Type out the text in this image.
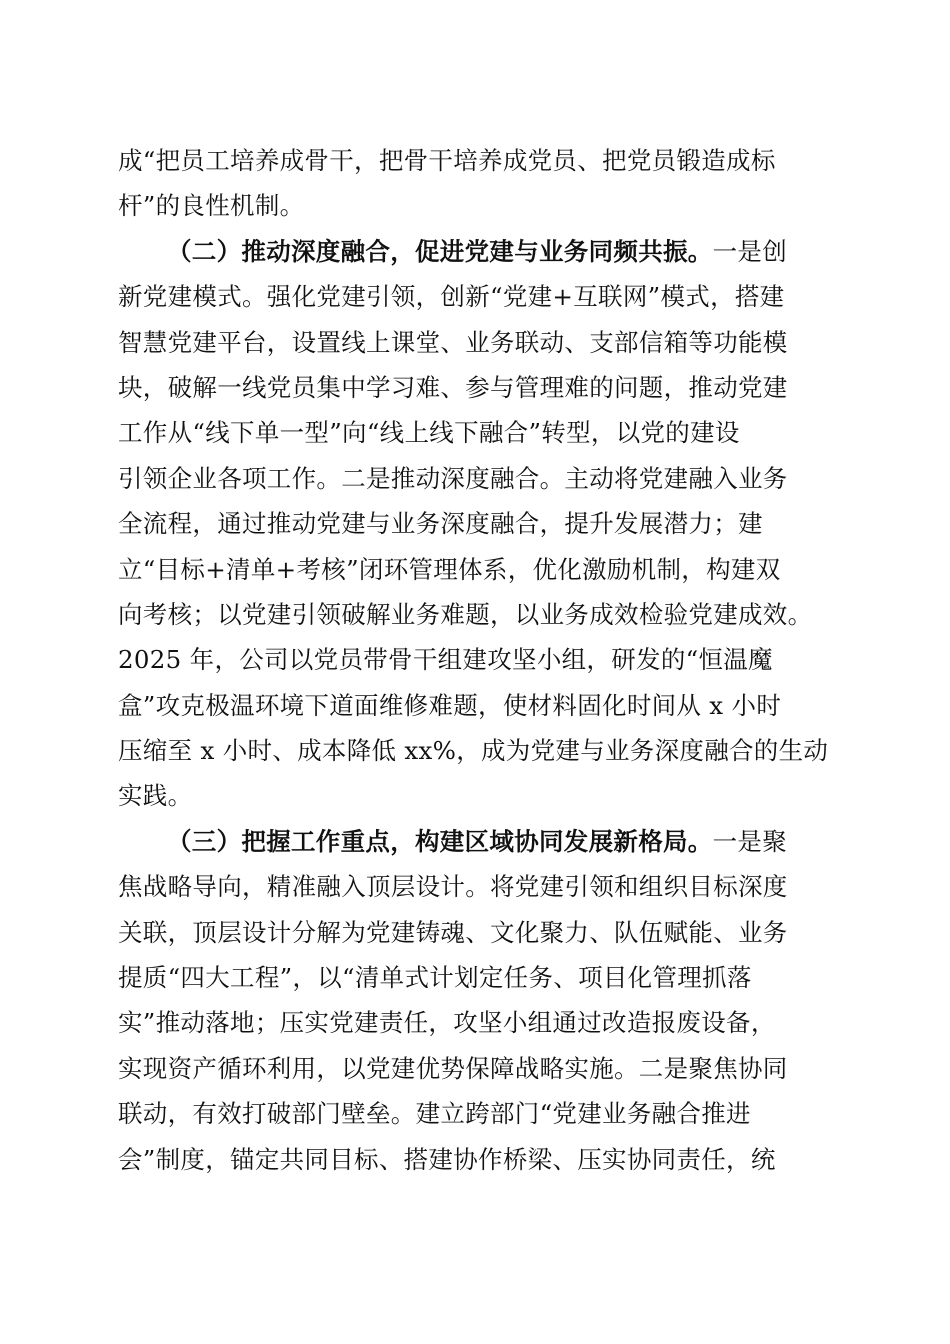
成“把员工培养成骨干，把骨干培养成党员、把党员锻造成标
杆”的良性机制。
（二）推动深度融合，促进党建与业务同频共振。一是创
新党建模式。强化党建引领，创新“党建+互联网”模式，搭建
智慧党建平台，设置线上课堂、业务联动、支部信箱等功能模
块，破解一线党员集中学习难、参与管理难的问题，推动党建
工作从“线下单一型”向“线上线下融合”转型，以党的建设
引领企业各项工作。二是推动深度融合。主动将党建融入业务
全流程，通过推动党建与业务深度融合，提升发展潜力；建
立“目标+清单+考核”闭环管理体系，优化激励机制，构建双
向考核；以党建引领破解业务难题，以业务成效检验党建成效。
2025 年，公司以党员带骨干组建攻坚小组，研发的“恒温魔
盒”攻克极温环境下道面维修难题，使材料固化时间从 x 小时
压缩至 x 小时、成本降低 xx%，成为党建与业务深度融合的生动
实践。
（三）把握工作重点，构建区域协同发展新格局。一是聚
焦战略导向，精准融入顶层设计。将党建引领和组织目标深度
关联，顶层设计分解为党建铸魂、文化聚力、队伍赋能、业务
提质“四大工程”，以“清单式计划定任务、项目化管理抓落
实”推动落地；压实党建责任，攻坚小组通过改造报废设备，
实现资产循环利用，以党建优势保障战略实施。二是聚焦协同
联动，有效打破部门壁垒。建立跨部门“党建业务融合推进
会”制度，锚定共同目标、搭建协作桥梁、压实协同责任，统
